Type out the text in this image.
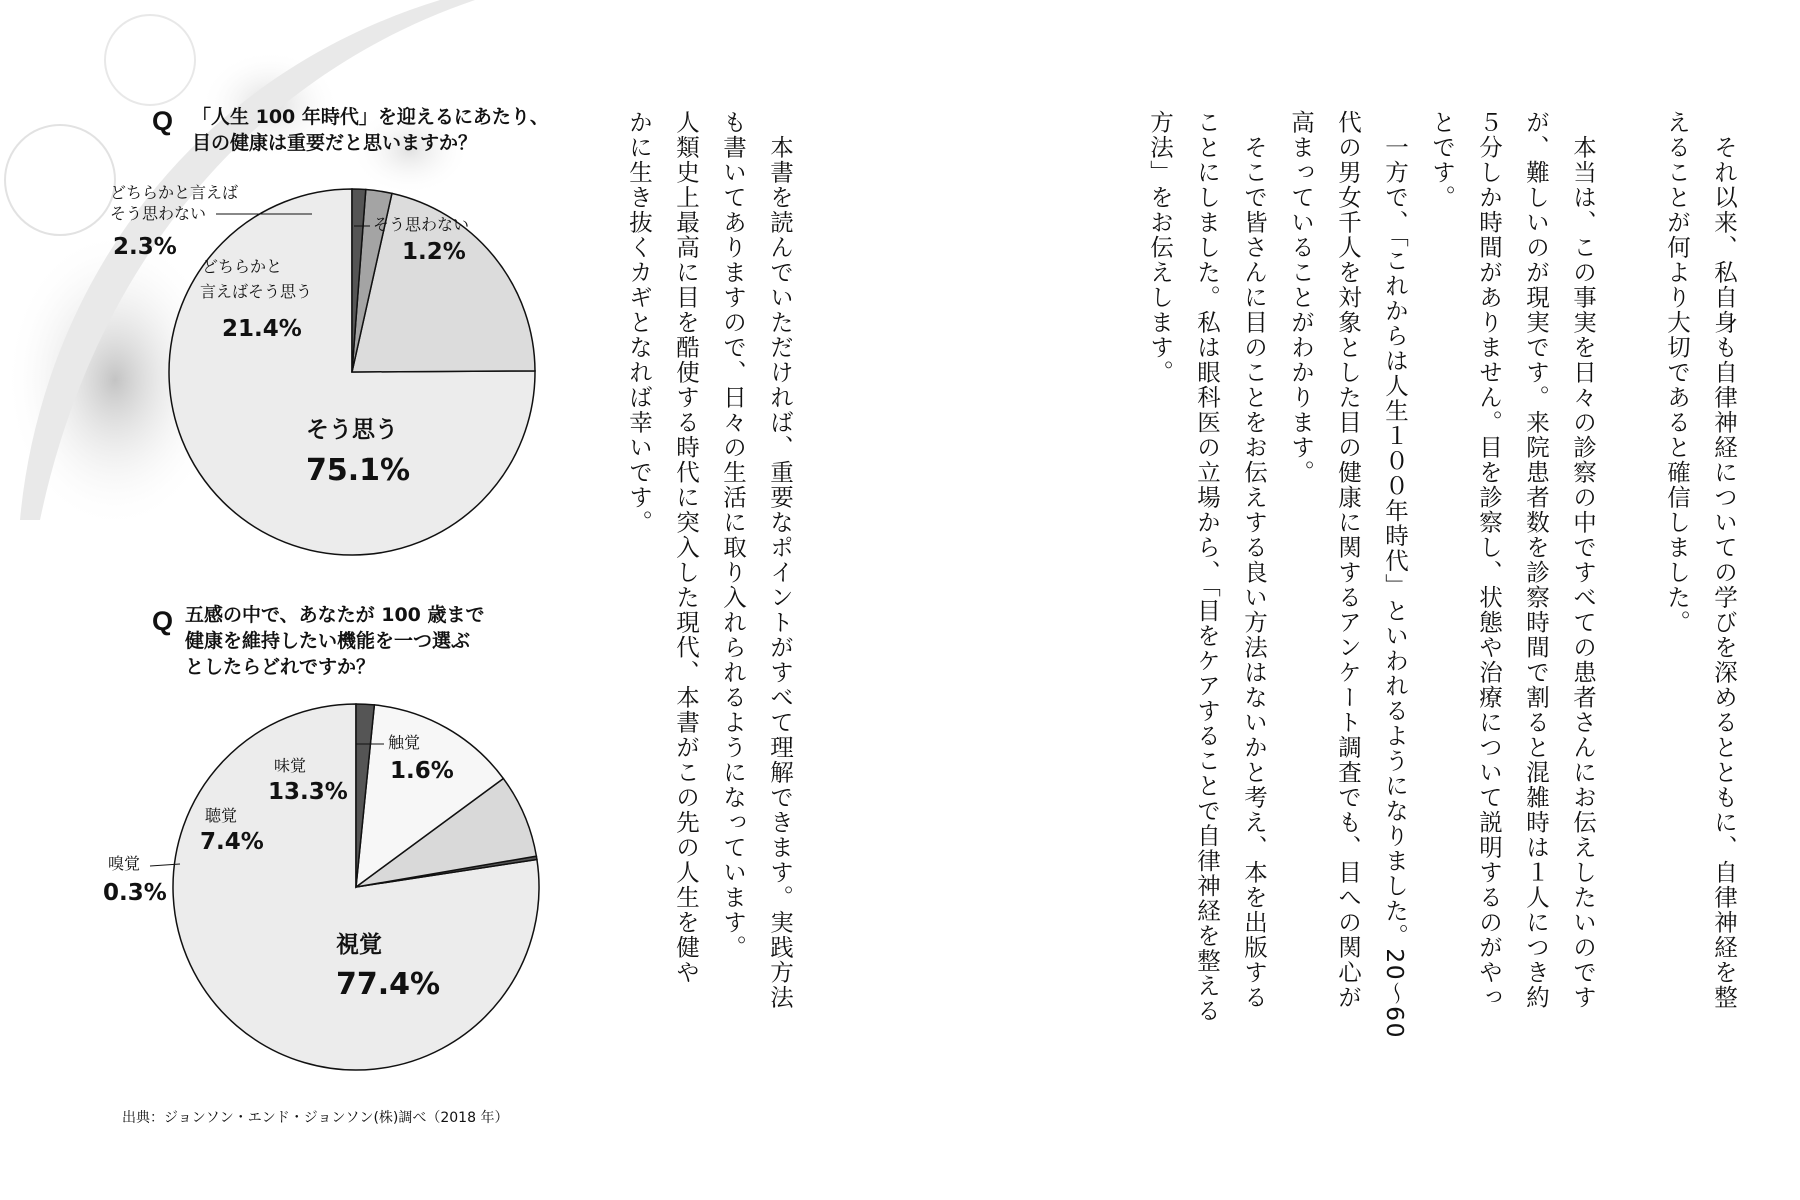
Q 「人生 100 年時代」を迎えるにあたり、
目の健康は重要だと思いますか？
どちらかと言えば
そう思わない
2.3%
そう思わない
1.2%
どちらかと
言えばそう思う
21.4%
そう思う
75.1%
Q 五感の中で、あなたが 100 歳まで
健康を維持したい機能を一つ選ぶ
としたらどれですか？
触覚
1.6%
味覚
13.3%
聴覚
7.4%
嗅覚
0.3%
視覚
77.4%
出典：ジョンソン・エンド・ジョンソン(株)調べ（2018 年）
本書を読んでいただければ、重要なポイントがすべて理解できます。実践方法
も書いてありますので、日々の生活に取り入れられるようになっています。
人類史上最高に目を酷使する時代に突入した現代、本書がこの先の人生を健や
かに生き抜くカギとなれば幸いです。	それ以来、私自身も自律神経についての学びを深めるとともに、自律神経を整
えることが何より大切であると確信しました。
本当は、この事実を日々の診察の中ですべての患者さんにお伝えしたいのです
が、難しいのが現実です。来院患者数を診察時間で割ると混雑時は１人につき約
５分しか時間がありません。目を診察し、状態や治療について説明するのがやっ
とです。
一方で、「これからは人生１００年時代」といわれるようになりました。20〜60
代の男女千人を対象とした目の健康に関するアンケート調査でも、目への関心が
高まっていることがわかります。
そこで皆さんに目のことをお伝えする良い方法はないかと考え、本を出版する
ことにしました。私は眼科医の立場から、「目をケアすることで自律神経を整える
方法」をお伝えします。
